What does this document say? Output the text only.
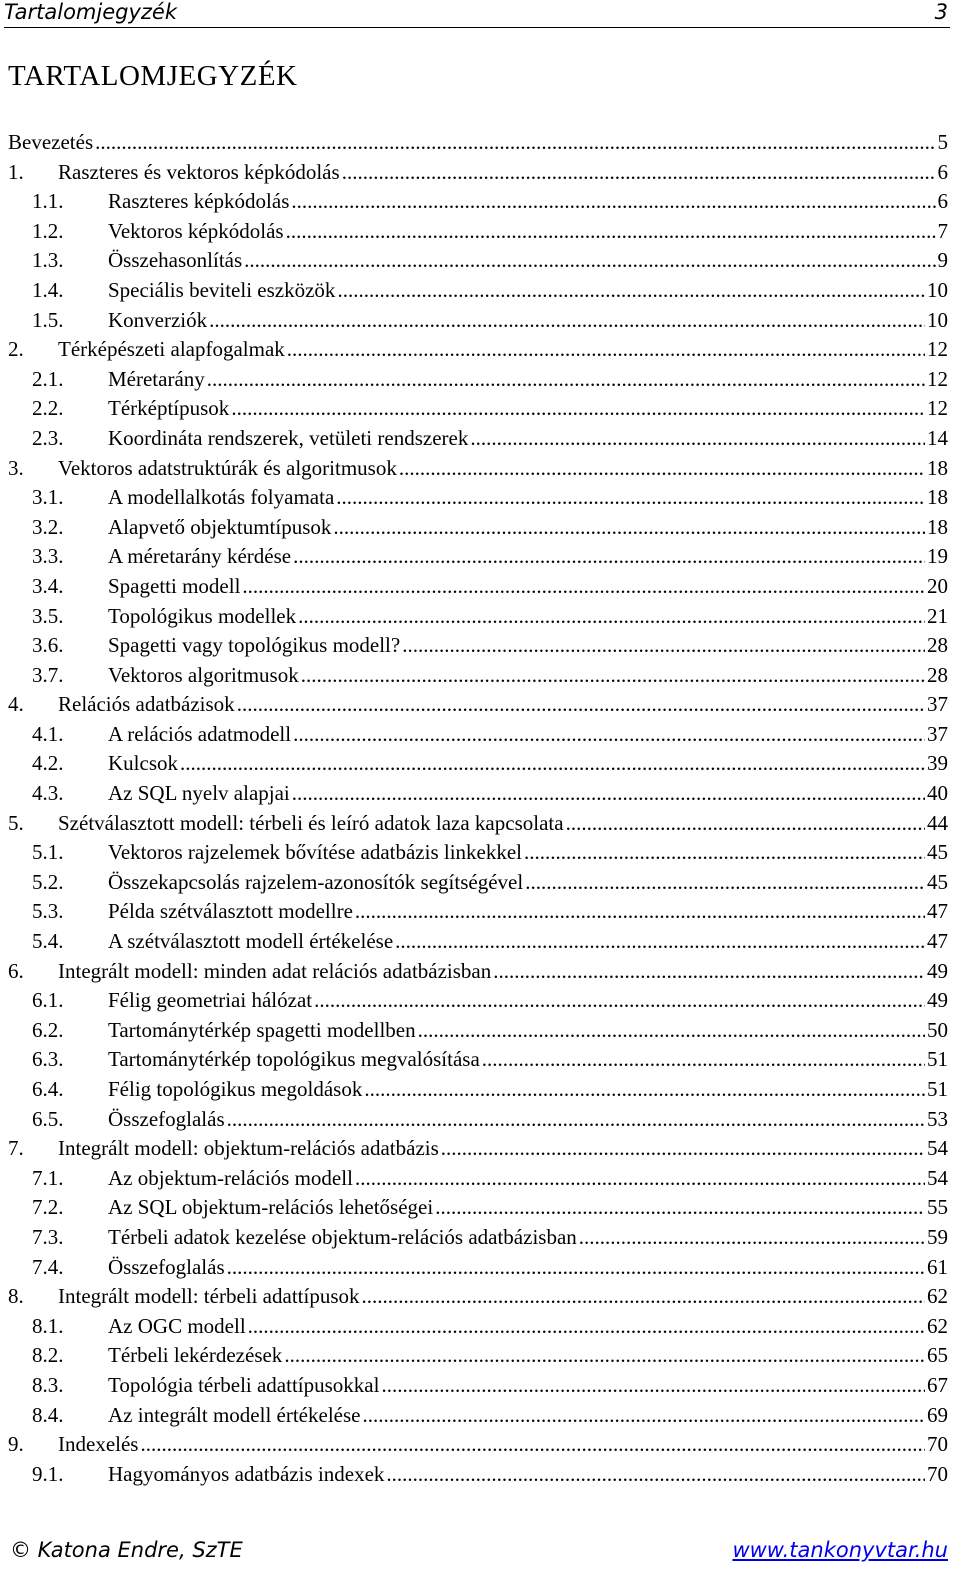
Tartalomjegyzék	3
TARTALOMJEGYZÉK
Bevezetés .....	5
1.	Raszteres és vektoros képkódolás .....	6
1.1.	Raszteres képkódolás .....	6
1.2.	Vektoros képkódolás .....	7
1.3.	Összehasonlítás .....	9
1.4.	Speciális beviteli eszközök .....	10
1.5.	Konverziók .....	10
2.	Térképészeti alapfogalmak .....	12
2.1.	Méretarány .....	12
2.2.	Térképtípusok .....	12
2.3.	Koordináta rendszerek, vetületi rendszerek .....	14
3.	Vektoros adatstruktúrák és algoritmusok .....	18
3.1.	A modellalkotás folyamata .....	18
3.2.	Alapvető objektumtípusok .....	18
3.3.	A méretarány kérdése .....	19
3.4.	Spagetti modell .....	20
3.5.	Topológikus modellek .....	21
3.6.	Spagetti vagy topológikus modell? .....	28
3.7.	Vektoros algoritmusok .....	28
4.	Relációs adatbázisok .....	37
4.1.	A relációs adatmodell .....	37
4.2.	Kulcsok .....	39
4.3.	Az SQL nyelv alapjai .....	40
5.	Szétválasztott modell: térbeli és leíró adatok laza kapcsolata .....	44
5.1.	Vektoros rajzelemek bővítése adatbázis linkekkel .....	45
5.2.	Összekapcsolás rajzelem-azonosítók segítségével .....	45
5.3.	Példa szétválasztott modellre .....	47
5.4.	A szétválasztott modell értékelése .....	47
6.	Integrált modell: minden adat relációs adatbázisban .....	49
6.1.	Félig geometriai hálózat .....	49
6.2.	Tartománytérkép spagetti modellben .....	50
6.3.	Tartománytérkép topológikus megvalósítása .....	51
6.4.	Félig topológikus megoldások .....	51
6.5.	Összefoglalás .....	53
7.	Integrált modell: objektum-relációs adatbázis .....	54
7.1.	Az objektum-relációs modell .....	54
7.2.	Az SQL objektum-relációs lehetőségei .....	55
7.3.	Térbeli adatok kezelése objektum-relációs adatbázisban .....	59
7.4.	Összefoglalás .....	61
8.	Integrált modell: térbeli adattípusok .....	62
8.1.	Az OGC modell .....	62
8.2.	Térbeli lekérdezések .....	65
8.3.	Topológia térbeli adattípusokkal .....	67
8.4.	Az integrált modell értékelése .....	69
9.	Indexelés .....	70
9.1.	Hagyományos adatbázis indexek .....	70
© Katona Endre, SzTE	www.tankonyvtar.hu
